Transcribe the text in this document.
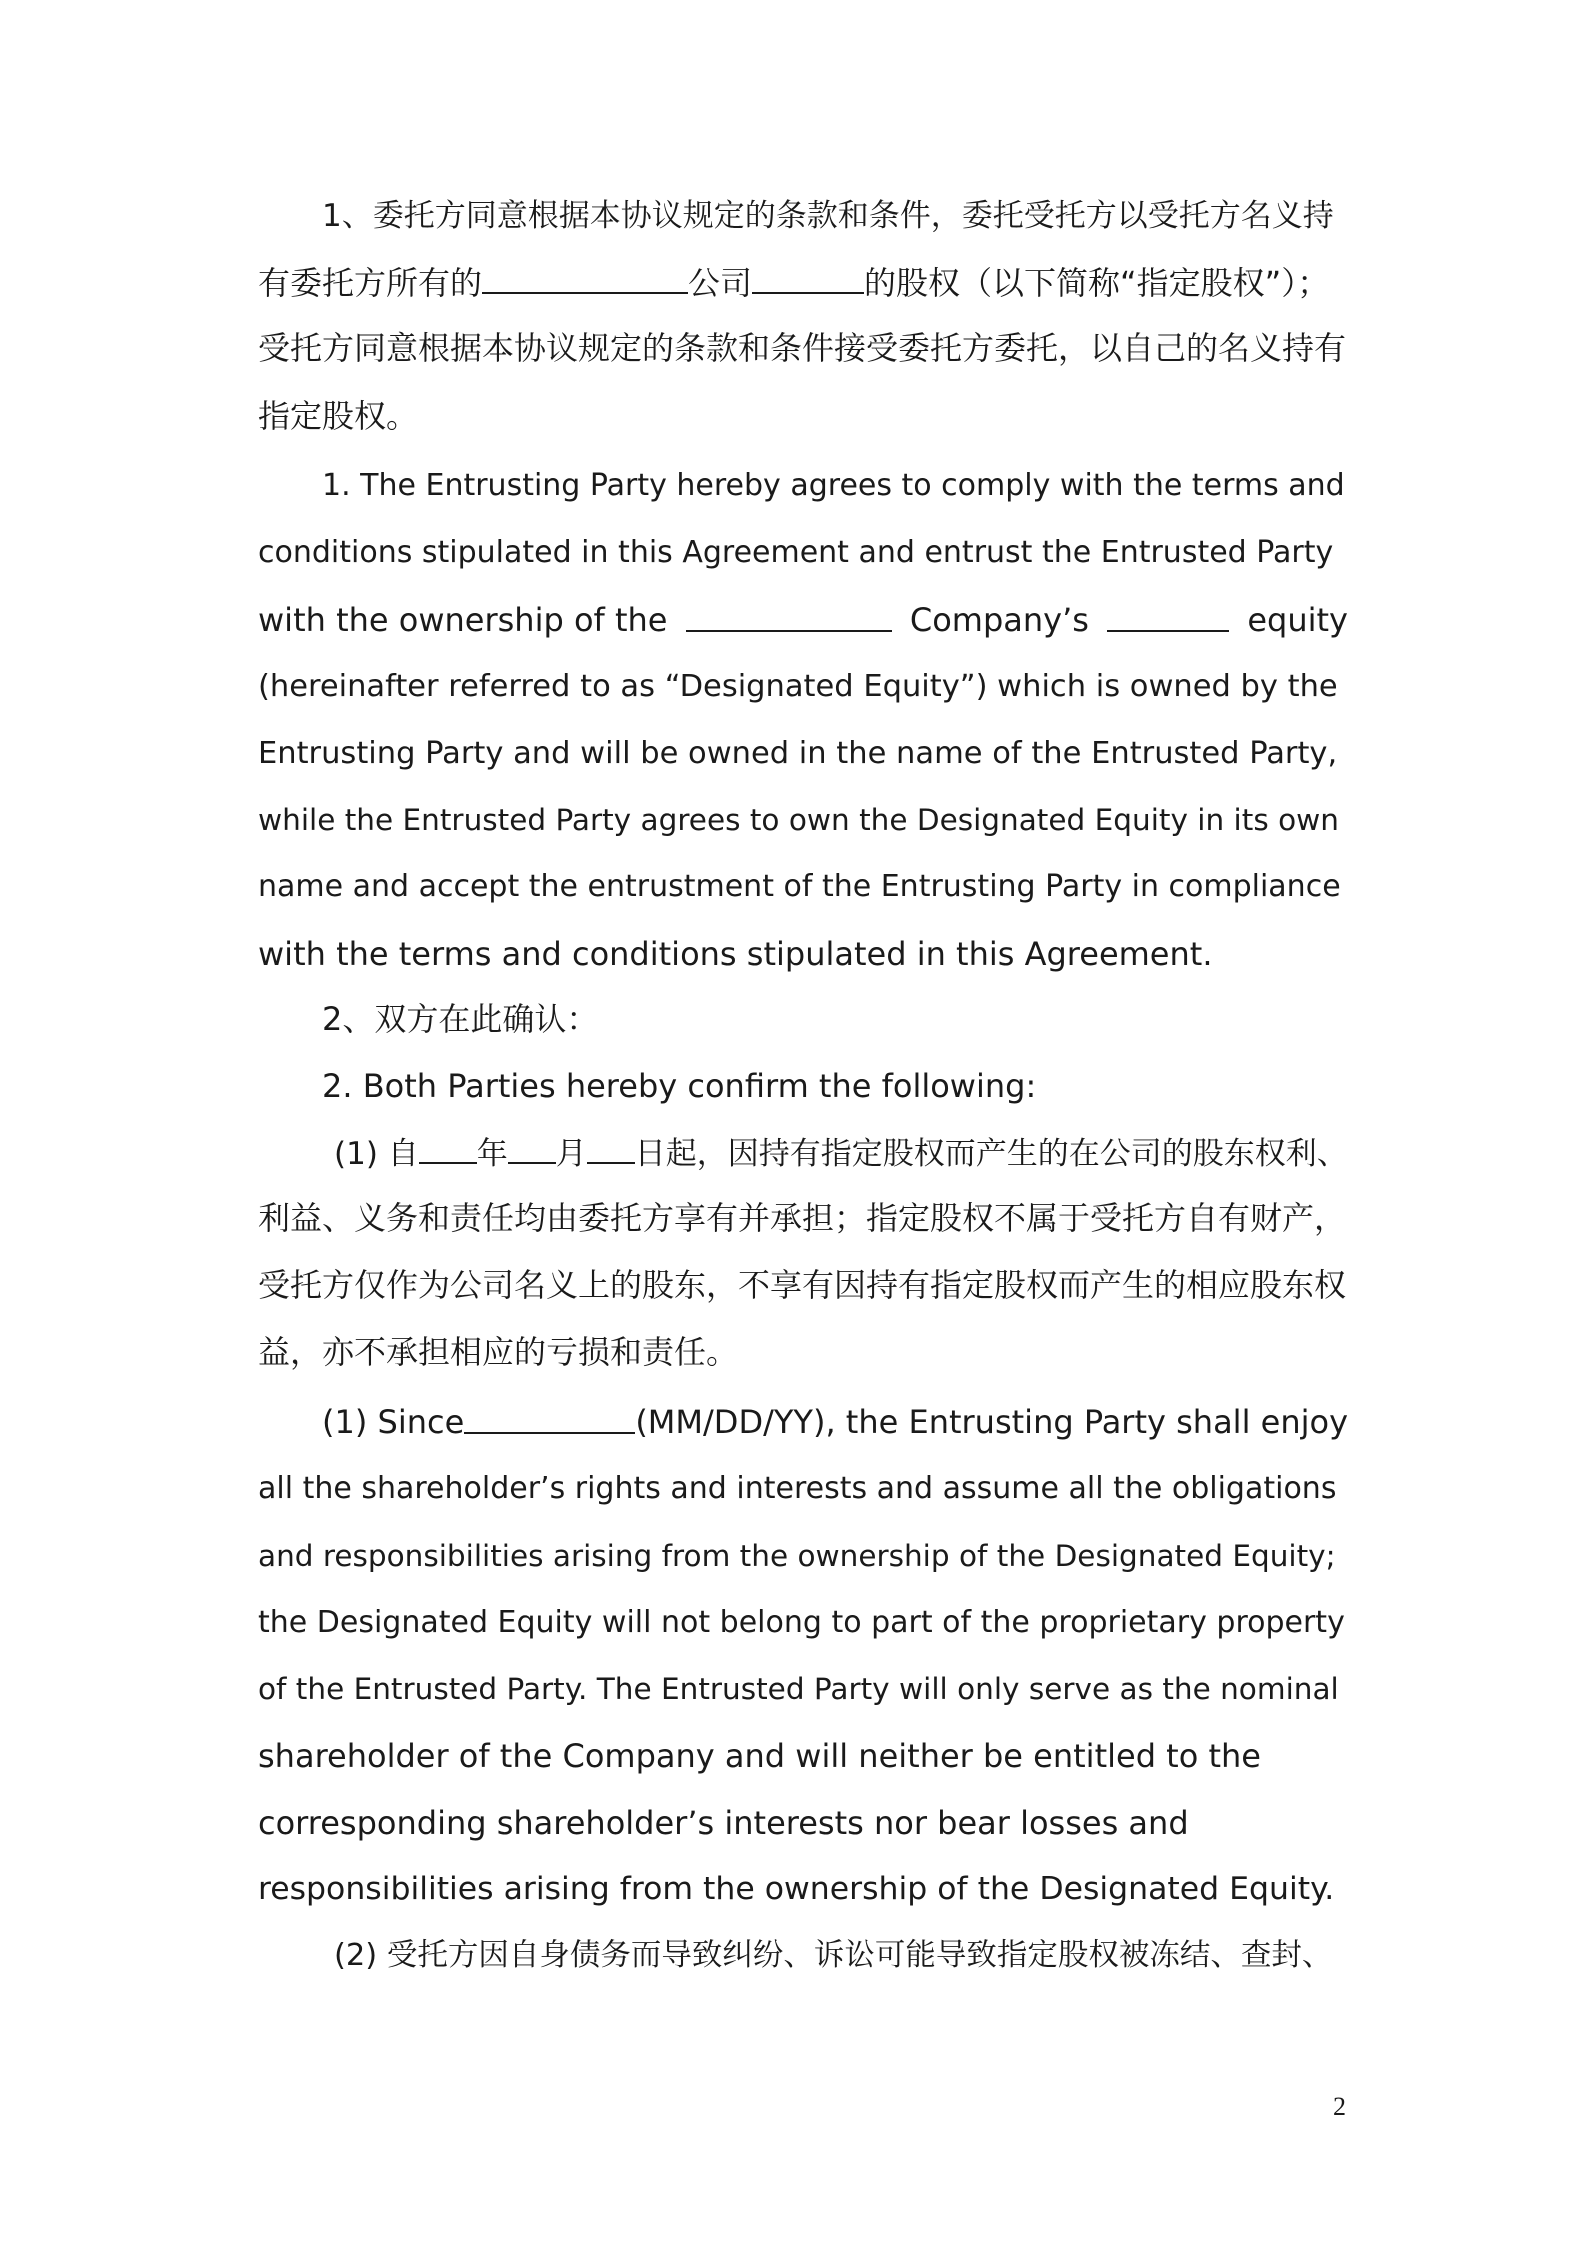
1、委托方同意根据本协议规定的条款和条件，委托受托方以受托方名义持
有委托方所有的	公司	的股权（以下简称“指定股权”）；
受托方同意根据本协议规定的条款和条件接受委托方委托，以自己的名义持有
指定股权。
1. The Entrusting Party hereby agrees to comply with the terms and
conditions stipulated in this Agreement and entrust the Entrusted Party
with the ownership of the	Company’s	equity
(hereinafter referred to as “Designated Equity”) which is owned by the
Entrusting Party and will be owned in the name of the Entrusted Party,
while the Entrusted Party agrees to own the Designated Equity in its own
name and accept the entrustment of the Entrusting Party in compliance
with the terms and conditions stipulated in this Agreement.
2、双方在此确认：
2. Both Parties hereby confirm the following:
(1) 自 年 月 日起，因持有指定股权而产生的在公司的股东权利、
利益、义务和责任均由委托方享有并承担；指定股权不属于受托方自有财产，
受托方仅作为公司名义上的股东，不享有因持有指定股权而产生的相应股东权
益，亦不承担相应的亏损和责任。
(1) Since	(MM/DD/YY), the Entrusting Party shall enjoy
all the shareholder’s rights and interests and assume all the obligations
and responsibilities arising from the ownership of the Designated Equity;
the Designated Equity will not belong to part of the proprietary property
of the Entrusted Party. The Entrusted Party will only serve as the nominal
shareholder of the Company and will neither be entitled to the
corresponding shareholder’s interests nor bear losses and
responsibilities arising from the ownership of the Designated Equity.
(2) 受托方因自身债务而导致纠纷、诉讼可能导致指定股权被冻结、查封、
2
